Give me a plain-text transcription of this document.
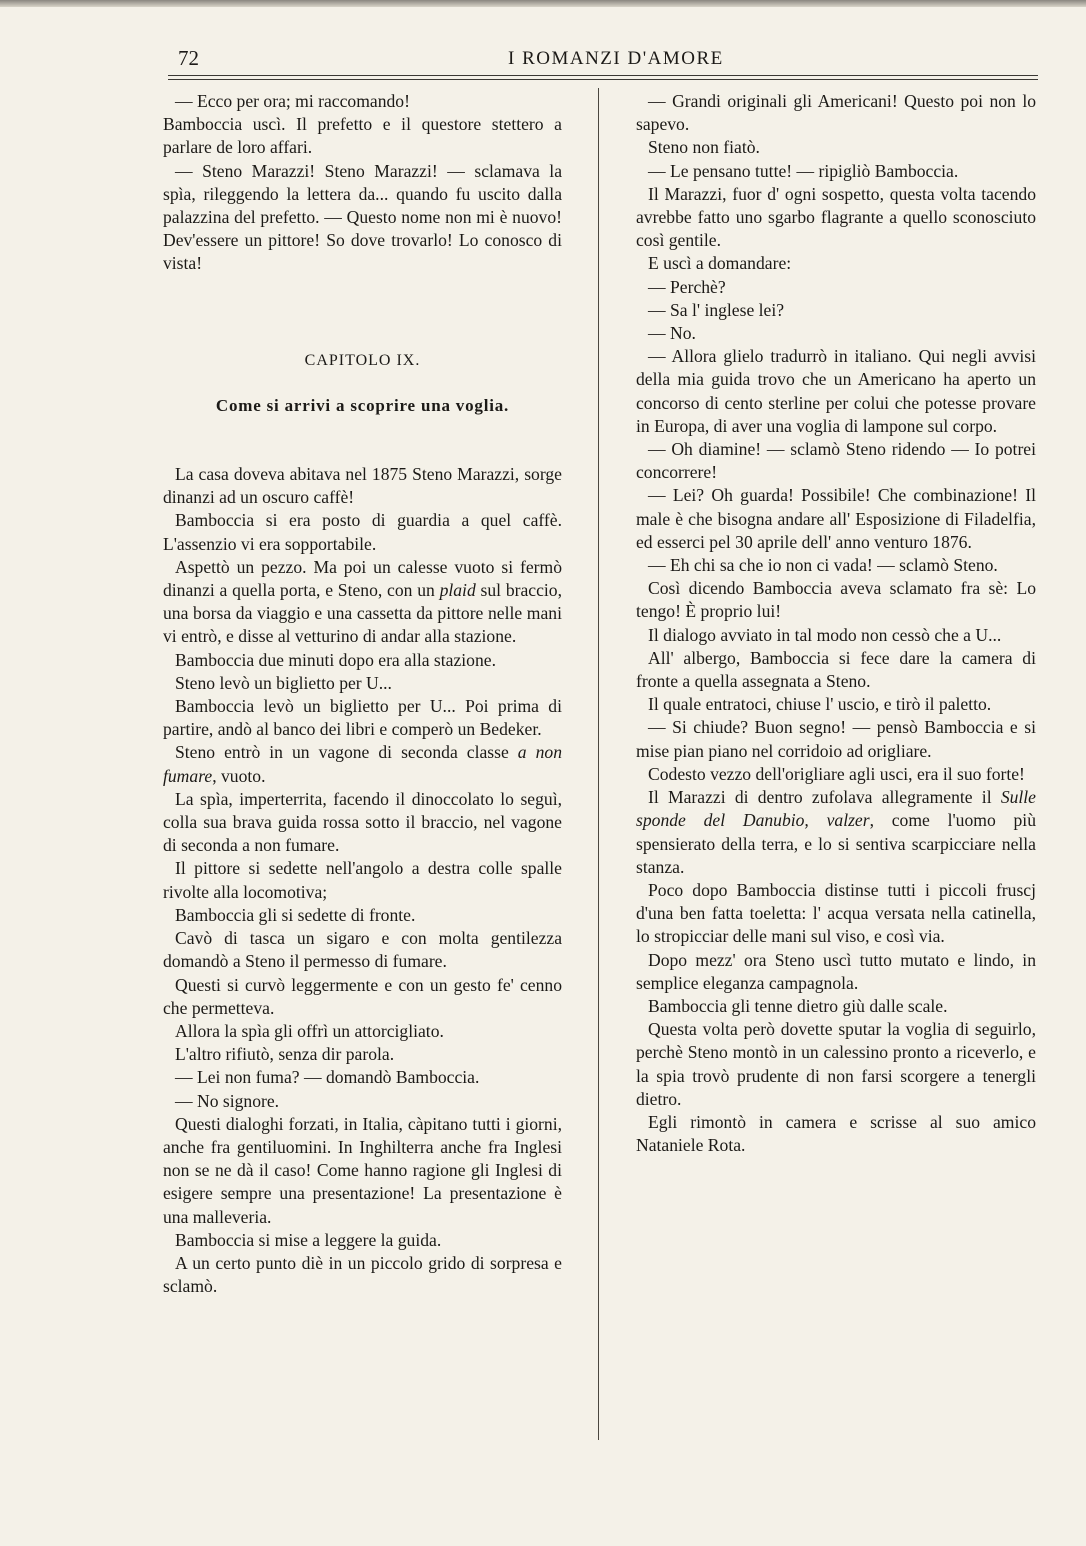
72	I ROMANZI D'AMORE

— Ecco per ora; mi raccomando!

Bamboccia uscì. Il prefetto e il questore stettero a parlare de loro affari.

— Steno Marazzi! Steno Marazzi! — sclamava la spìa, rileggendo la lettera da... quando fu uscito dalla palazzina del prefetto. — Questo nome non mi è nuovo! Dev'essere un pittore! So dove trovarlo! Lo conosco di vista!

CAPITOLO IX.

Come si arrivi a scoprire una voglia.

La casa doveva abitava nel 1875 Steno Marazzi, sorge dinanzi ad un oscuro caffè!

Bamboccia si era posto di guardia a quel caffè. L'assenzio vi era sopportabile.

Aspettò un pezzo. Ma poi un calesse vuoto si fermò dinanzi a quella porta, e Steno, con un plaid sul braccio, una borsa da viaggio e una cassetta da pittore nelle mani vi entrò, e disse al vetturino di andar alla stazione.

Bamboccia due minuti dopo era alla stazione.

Steno levò un biglietto per U...

Bamboccia levò un biglietto per U... Poi prima di partire, andò al banco dei libri e comperò un Bedeker.

Steno entrò in un vagone di seconda classe a non fumare, vuoto.

La spìa, imperterrita, facendo il dinoccolato lo seguì, colla sua brava guida rossa sotto il braccio, nel vagone di seconda a non fumare.

Il pittore si sedette nell'angolo a destra colle spalle rivolte alla locomotiva;

Bamboccia gli si sedette di fronte.

Cavò di tasca un sigaro e con molta gentilezza domandò a Steno il permesso di fumare.

Questi si curvò leggermente e con un gesto fe' cenno che permetteva.

Allora la spìa gli offrì un attorcigliato.

L'altro rifiutò, senza dir parola.

— Lei non fuma? — domandò Bamboccia.

— No signore.

Questi dialoghi forzati, in Italia, càpitano tutti i giorni, anche fra gentiluomini. In Inghilterra anche fra Inglesi non se ne dà il caso! Come hanno ragione gli Inglesi di esigere sempre una presentazione! La presentazione è una malleveria.

Bamboccia si mise a leggere la guida.

A un certo punto diè in un piccolo grido di sorpresa e sclamò.

— Grandi originali gli Americani! Questo poi non lo sapevo.

Steno non fiatò.

— Le pensano tutte! — ripigliò Bamboccia.

Il Marazzi, fuor d' ogni sospetto, questa volta tacendo avrebbe fatto uno sgarbo flagrante a quello sconosciuto così gentile.

E uscì a domandare:

— Perchè?

— Sa l' inglese lei?

— No.

— Allora glielo tradurrò in italiano. Qui negli avvisi della mia guida trovo che un Americano ha aperto un concorso di cento sterline per colui che potesse provare in Europa, di aver una voglia di lampone sul corpo.

— Oh diamine! — sclamò Steno ridendo — Io potrei concorrere!

— Lei? Oh guarda! Possibile! Che combinazione! Il male è che bisogna andare all' Esposizione di Filadelfia, ed esserci pel 30 aprile dell' anno venturo 1876.

— Eh chi sa che io non ci vada! — sclamò Steno.

Così dicendo Bamboccia aveva sclamato fra sè: Lo tengo! È proprio lui!

Il dialogo avviato in tal modo non cessò che a U...

All' albergo, Bamboccia si fece dare la camera di fronte a quella assegnata a Steno.

Il quale entratoci, chiuse l' uscio, e tirò il paletto.

— Si chiude? Buon segno! — pensò Bamboccia e si mise pian piano nel corridoio ad origliare.

Codesto vezzo dell'origliare agli usci, era il suo forte!

Il Marazzi di dentro zufolava allegramente il Sulle sponde del Danubio, valzer, come l'uomo più spensierato della terra, e lo si sentiva scarpicciare nella stanza.

Poco dopo Bamboccia distinse tutti i piccoli fruscj d'una ben fatta toeletta: l' acqua versata nella catinella, lo stropicciar delle mani sul viso, e così via.

Dopo mezz' ora Steno uscì tutto mutato e lindo, in semplice eleganza campagnola.

Bamboccia gli tenne dietro giù dalle scale.

Questa volta però dovette sputar la voglia di seguirlo, perchè Steno montò in un calessino pronto a riceverlo, e la spia trovò prudente di non farsi scorgere a tenergli dietro.

Egli rimontò in camera e scrisse al suo amico Nataniele Rota.
